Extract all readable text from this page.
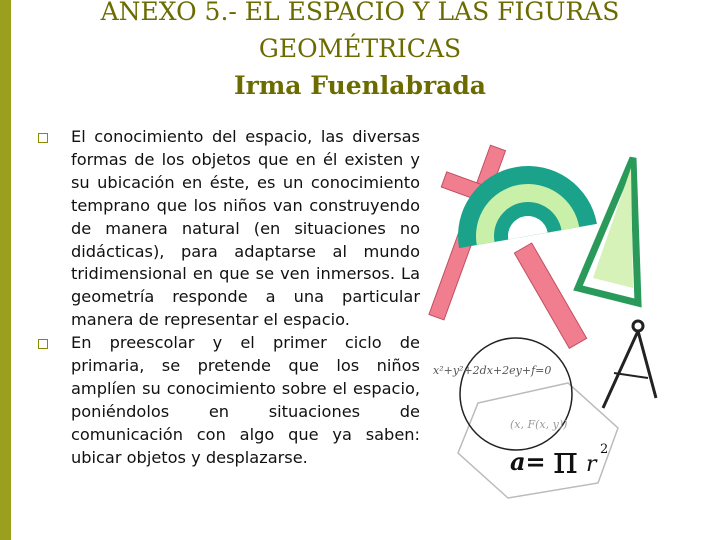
ANEXO 5.- EL ESPACIO Y LAS FIGURAS
GEOMÉTRICAS
Irma Fuenlabrada
El conocimiento del espacio, las diversas formas de los objetos que en él existen y su ubicación en éste, es un conocimiento temprano que los niños van construyendo de manera natural (en situaciones no didácticas), para adaptarse al mundo tridimensional en que se ven inmersos. La geometría responde a una particular manera de representar el espacio.
En preescolar y el primer ciclo de primaria, se pretende que los niños amplíen su conocimiento sobre el espacio, poniéndolos en situaciones de comunicación con algo que ya saben: ubicar objetos y desplazarse.
x²+y²+2dx+2ey+f=0
(x, F(x, y))
a= π r
2
